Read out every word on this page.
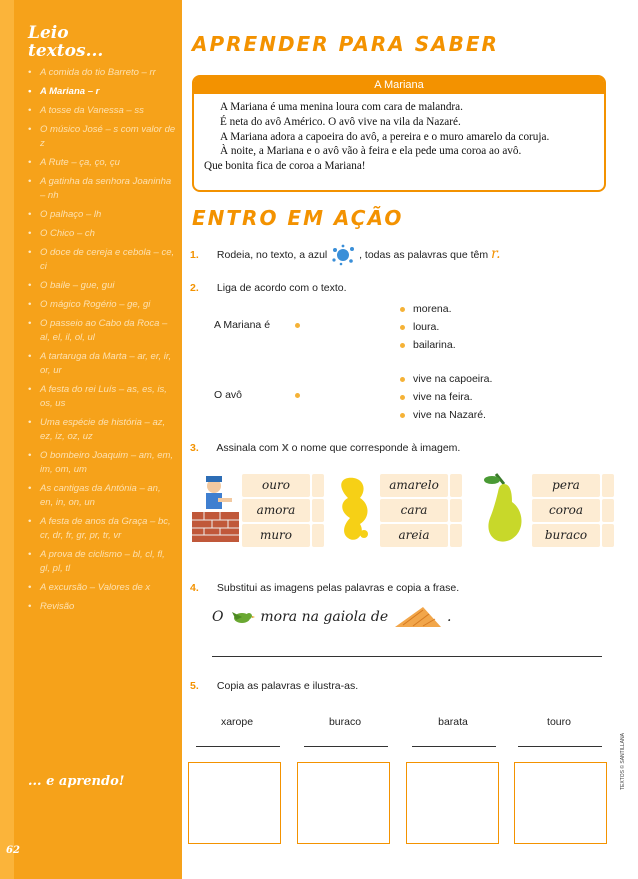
Leio
textos...
• A comida do tio Barreto – rr
• A Mariana – r
• A tosse da Vanessa – ss
• O músico José – s com valor de z
• A Rute – ça, ço, çu
• A gatinha da senhora Joaninha – nh
• O palhaço – lh
• O Chico – ch
• O doce de cereja e cebola – ce, ci
• O baile – gue, gui
• O mágico Rogério – ge, gi
• O passeio ao Cabo da Roca – al, el, il, ol, ul
• A tartaruga da Marta – ar, er, ir, or, ur
• A festa do rei Luís – as, es, is, os, us
• Uma espécie de história – az, ez, iz, oz, uz
• O bombeiro Joaquim – am, em, im, om, um
• As cantigas da Antónia – an, en, in, on, un
• A festa de anos da Graça – bc, cr, dr, fr, gr, pr, tr, vr
• A prova de ciclismo – bl, cl, fl, gl, pl, tl
• A excursão – Valores de x
• Revisão
... e aprendo!
62
APRENDER PARA SABER
A Mariana

A Mariana é uma menina loura com cara de malandra.

É neta do avô Américo. O avô vive na vila da Nazaré.

A Mariana adora a capoeira do avô, a pereira e o muro amarelo da coruja.

À noite, a Mariana e o avô vão à feira e ela pede uma coroa ao avô.

Que bonita fica de coroa a Mariana!

ENTRO EM AÇÃO
1. Rodeia, no texto, a azul	, todas as palavras que têm r.
2. Liga de acordo com o texto.
A Mariana é
morena.
loura.
bailarina.
O avô
vive na capoeira.
vive na feira.
vive na Nazaré.
3. Assinala com X o nome que corresponde à imagem.
ouro
amora
muro
amarelo
cara
areia
pera
coroa
buraco
4. Substitui as imagens pelas palavras e copia a frase.
O	mora na gaiola de	.
5. Copia as palavras e ilustra-as.
xarope	buraco	barata	touro
TEXTOS © SANTILLANA
